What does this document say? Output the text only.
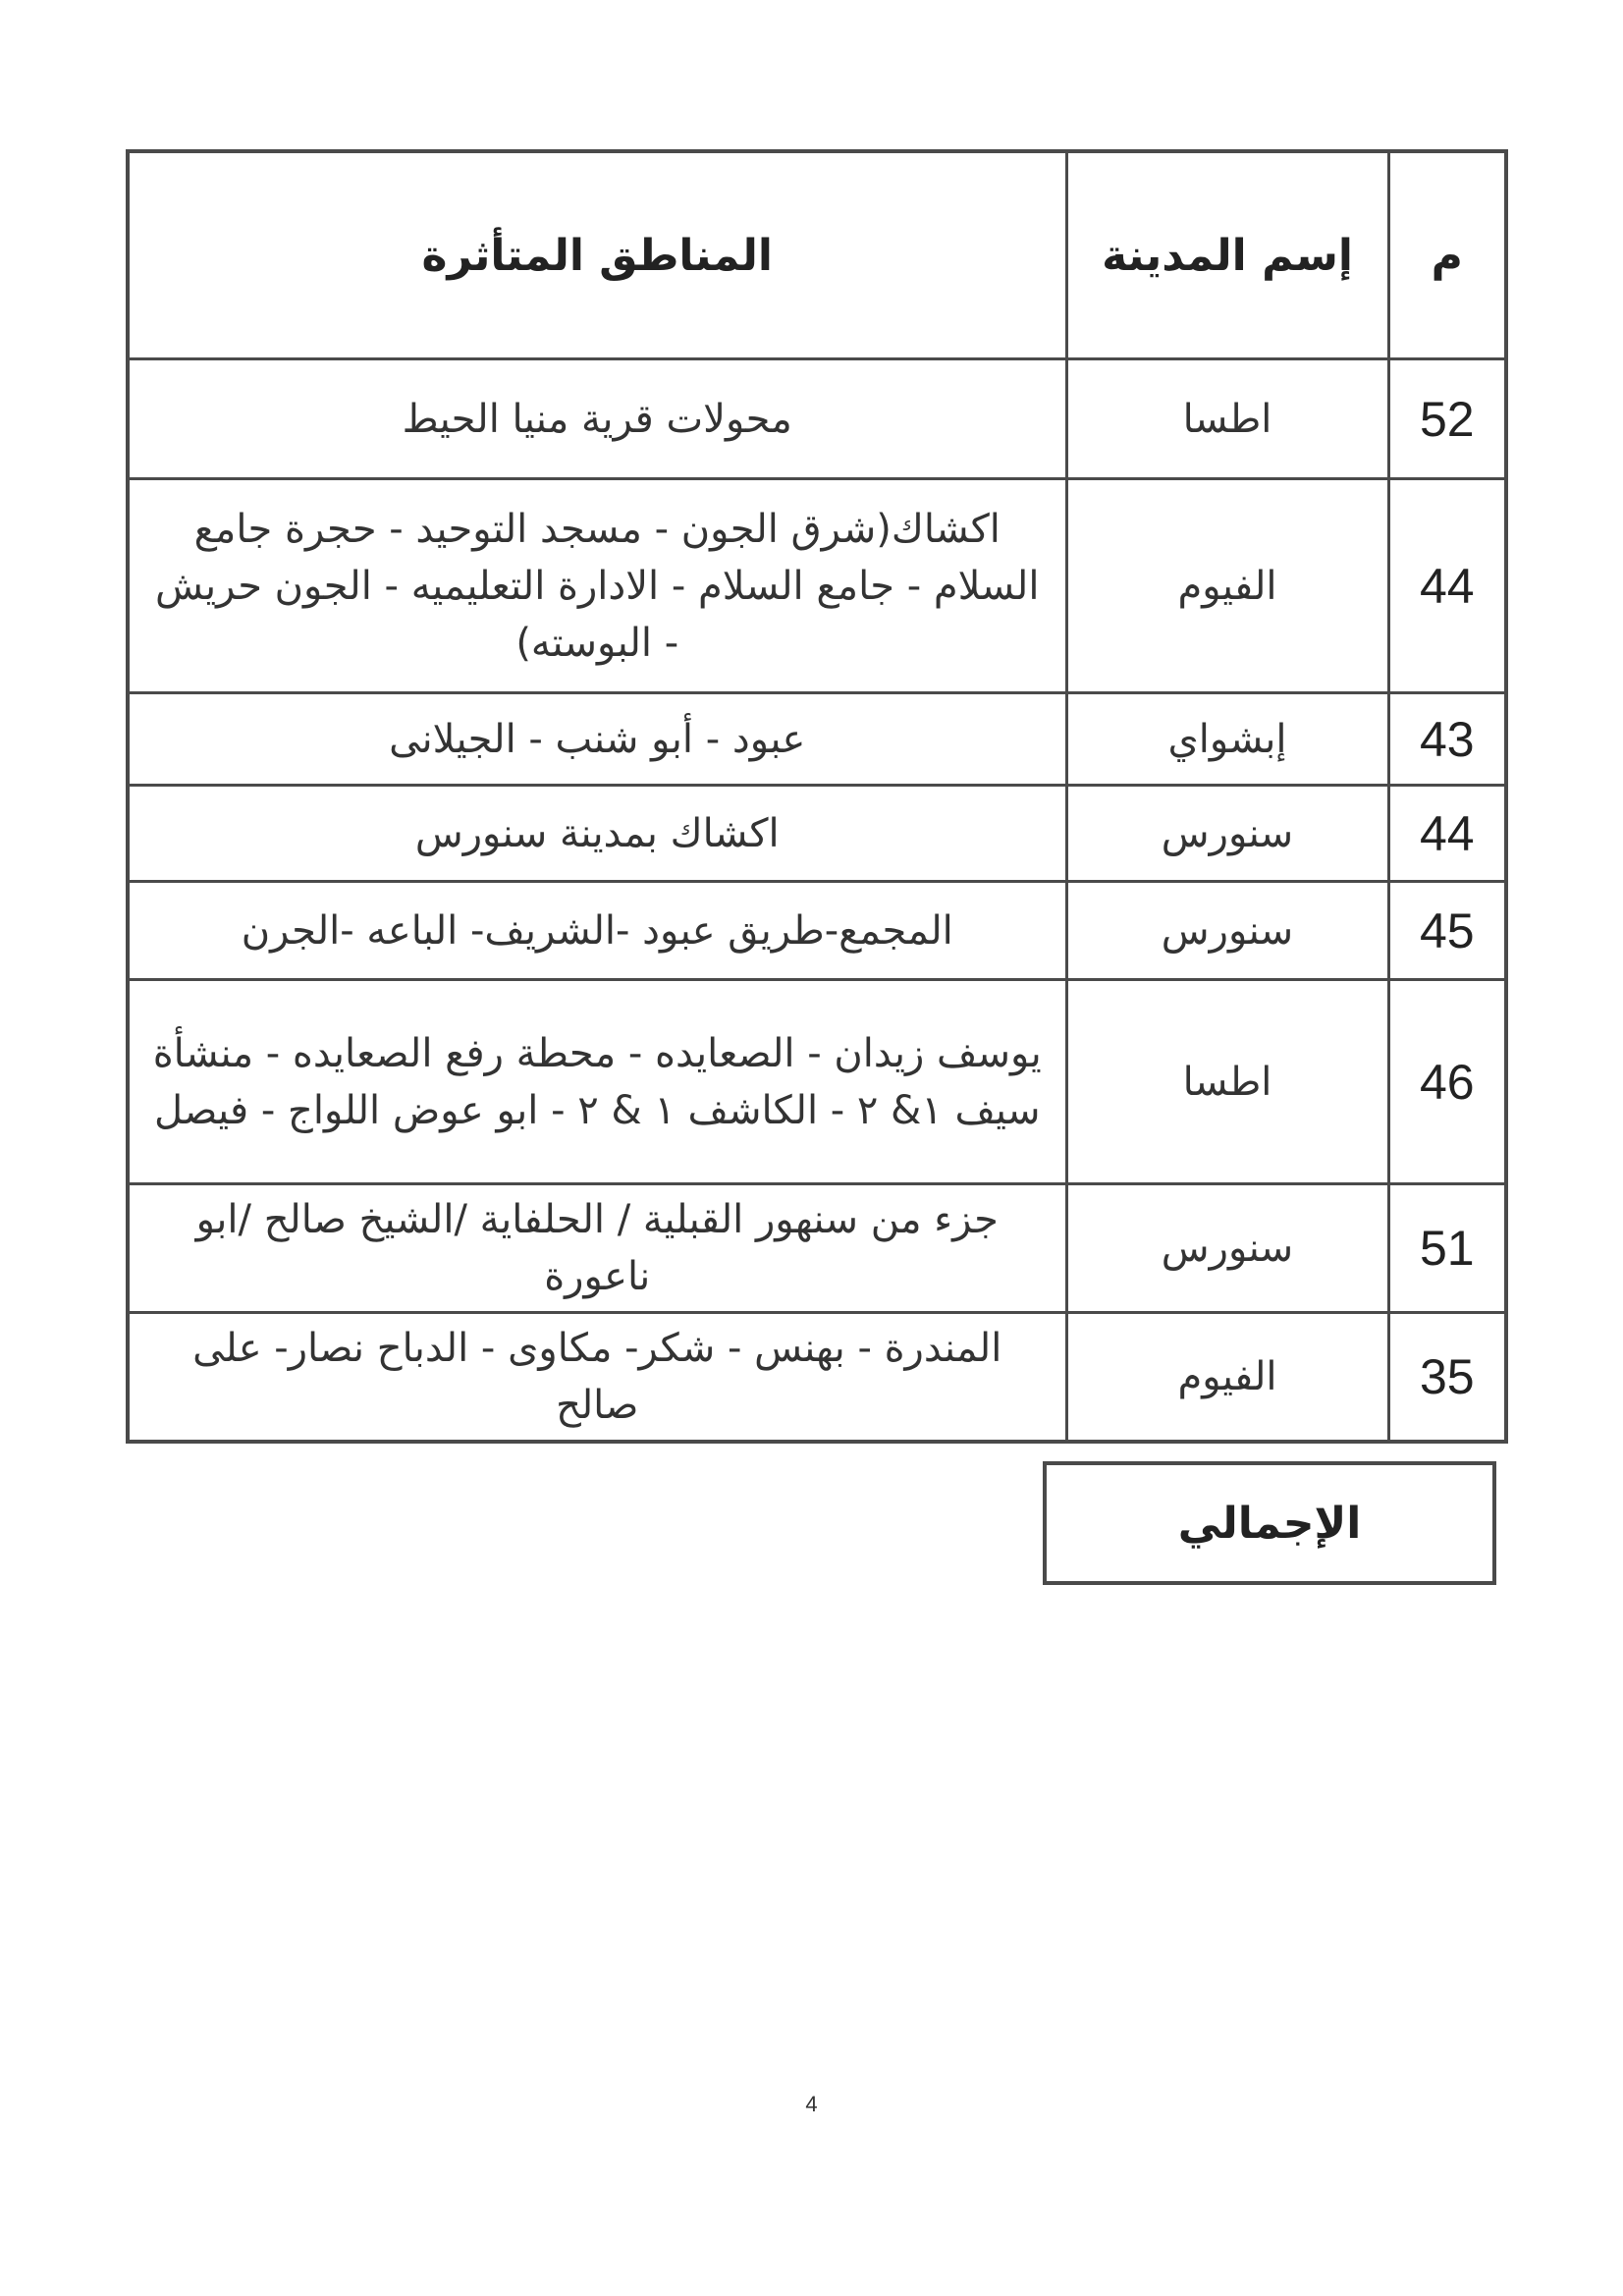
م	إسم المدينة	المناطق المتأثرة
52	اطسا	محولات قرية منيا الحيط
44	الفيوم	اكشاك(شرق الجون - مسجد التوحيد - حجرة جامع السلام - جامع السلام - الادارة التعليميه - الجون حريش - البوسته)
43	إبشواي	عبود - أبو شنب - الجيلانى
44	سنورس	اكشاك بمدينة سنورس
45	سنورس	المجمع-طريق عبود -الشريف- الباعه -الجرن
46	اطسا	يوسف زيدان - الصعايده - محطة رفع الصعايده - منشأة سيف ١& ٢ - الكاشف ١ & ٢ - ابو عوض اللواج - فيصل
51	سنورس	جزء من سنهور القبلية / الحلفاية /الشيخ صالح /ابو ناعورة
35	الفيوم	المندرة - بهنس - شكر- مكاوى - الدباح نصار- على صالح
الإجمالي
4
